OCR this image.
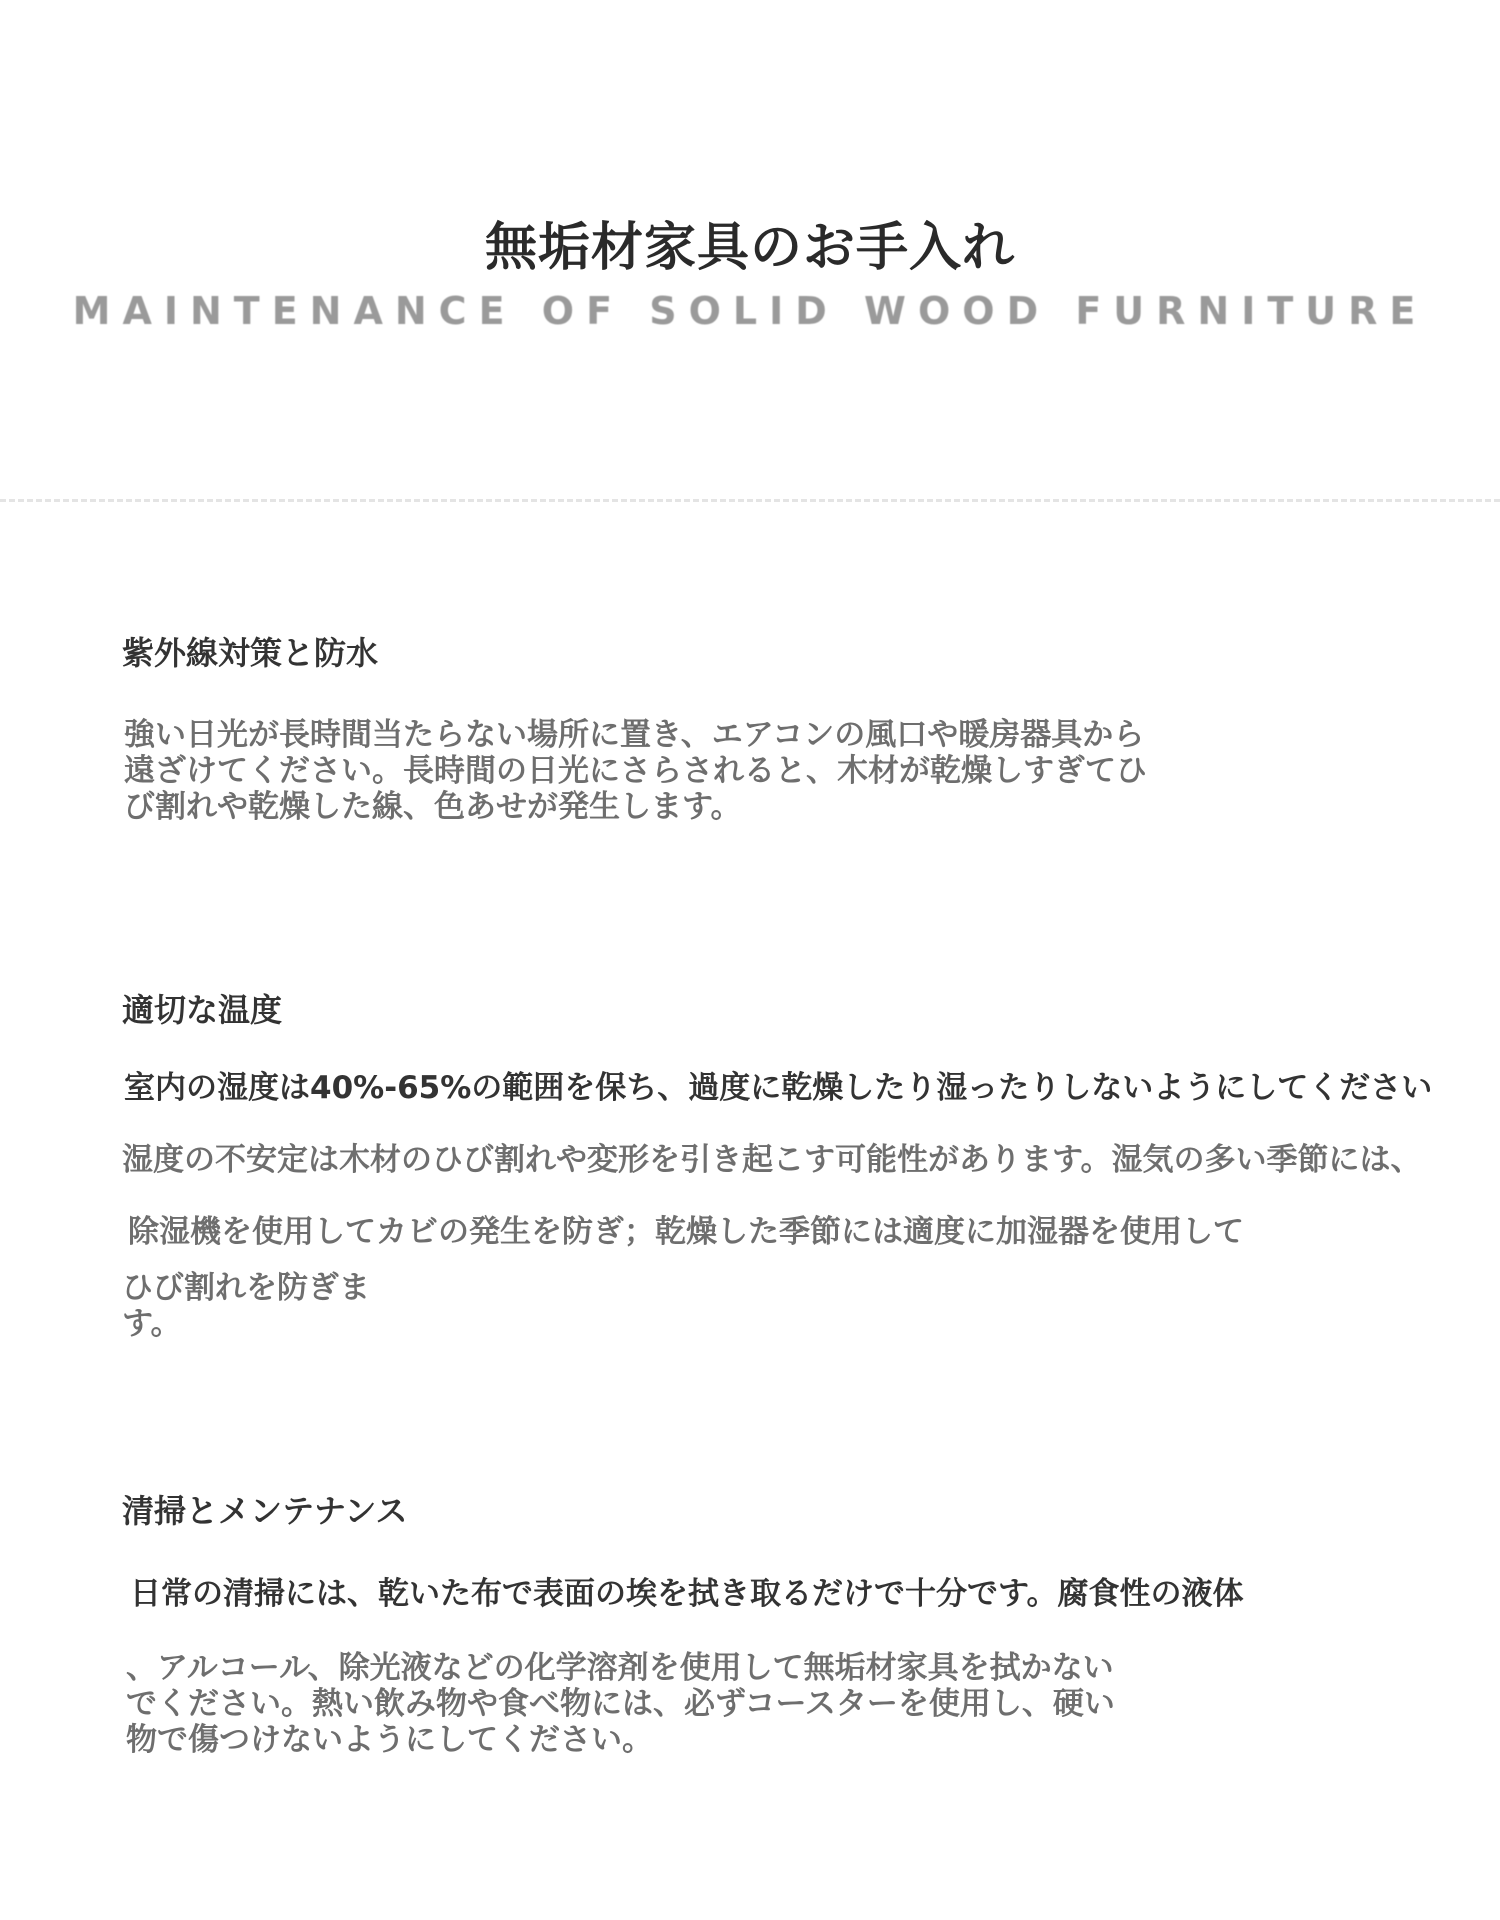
無垢材家具のお手入れ
MAINTENANCE OF SOLID WOOD FURNITURE
紫外線対策と防水
強い日光が長時間当たらない場所に置き、エアコンの風口や暖房器具から
遠ざけてください。長時間の日光にさらされると、木材が乾燥しすぎてひ
び割れや乾燥した線、色あせが発生します。
適切な温度
室内の湿度は40%-65%の範囲を保ち、過度に乾燥したり湿ったりしないようにしてください
湿度の不安定は木材のひび割れや変形を引き起こす可能性があります。湿気の多い季節には、
除湿機を使用してカビの発生を防ぎ；乾燥した季節には適度に加湿器を使用して
ひび割れを防ぎま
す。
清掃とメンテナンス
日常の清掃には、乾いた布で表面の埃を拭き取るだけで十分です。腐食性の液体
、アルコール、除光液などの化学溶剤を使用して無垢材家具を拭かない
でください。熱い飲み物や食べ物には、必ずコースターを使用し、硬い
物で傷つけないようにしてください。
